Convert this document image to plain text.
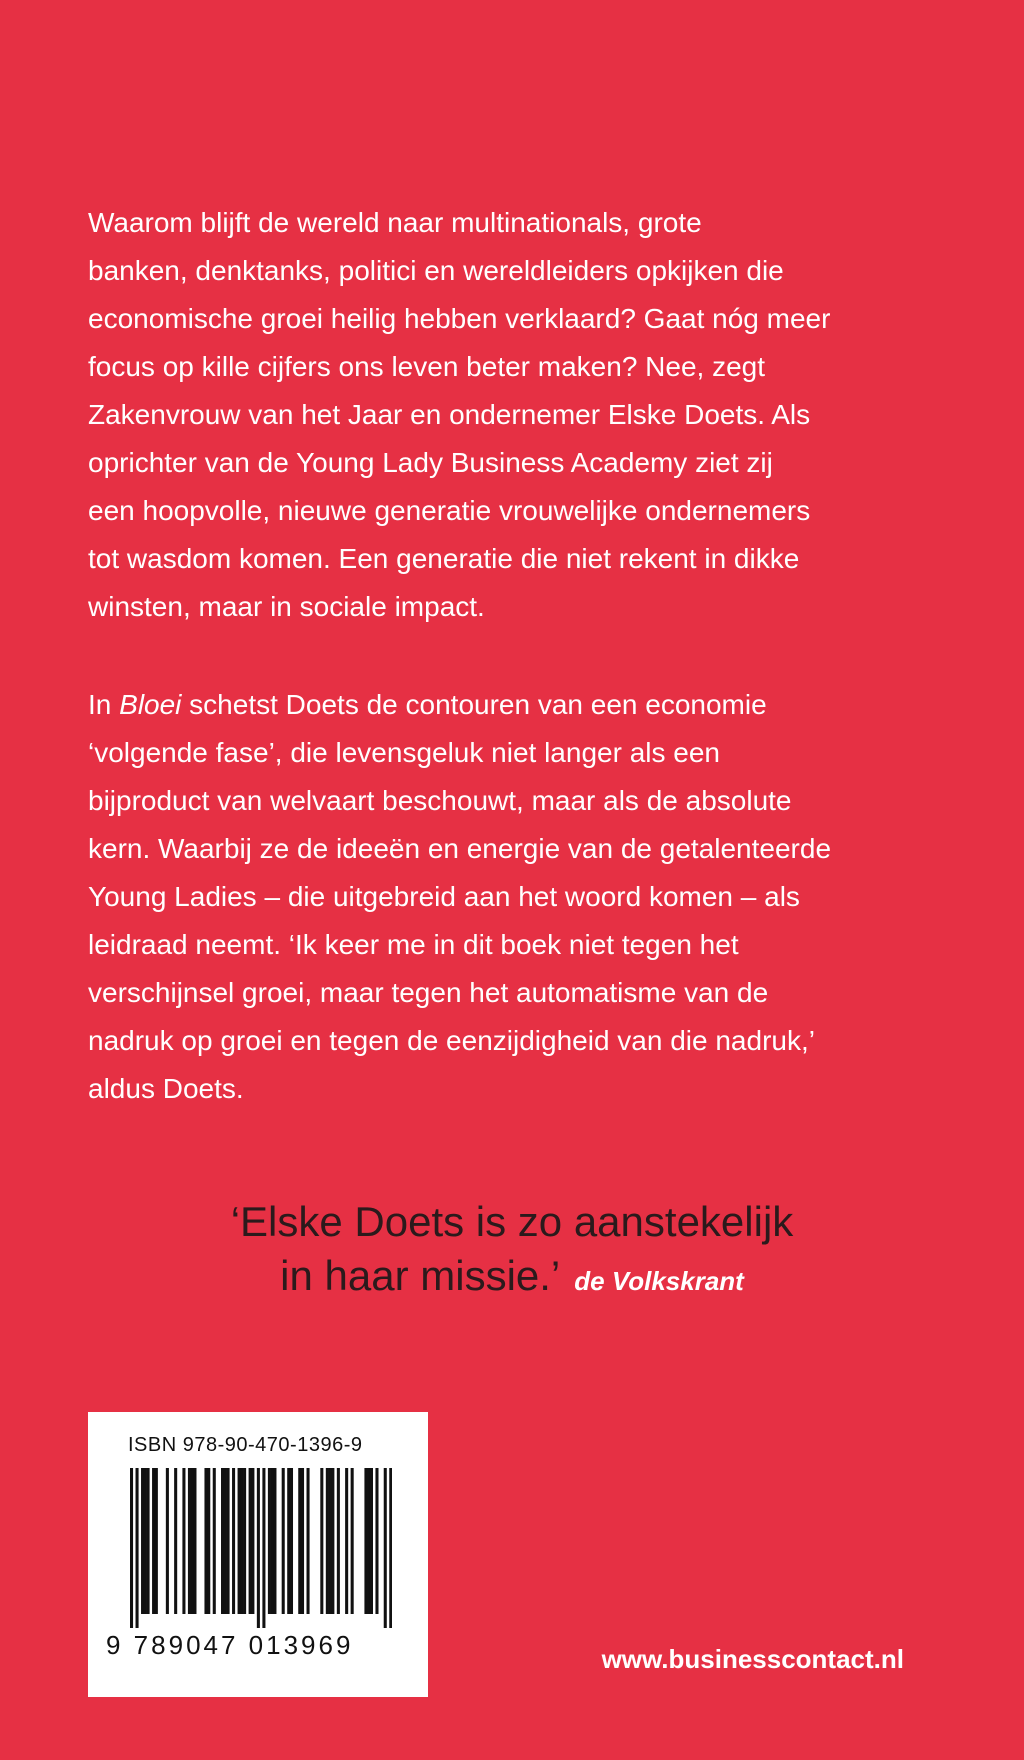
Waarom blijft de wereld naar multinationals, grote
banken, denktanks, politici en wereldleiders opkijken die
economische groei heilig hebben verklaard? Gaat nóg meer
focus op kille cijfers ons leven beter maken? Nee, zegt
Zakenvrouw van het Jaar en ondernemer Elske Doets. Als
oprichter van de Young Lady Business Academy ziet zij
een hoopvolle, nieuwe generatie vrouwelijke ondernemers
tot wasdom komen. Een generatie die niet rekent in dikke
winsten, maar in sociale impact.
In Bloei schetst Doets de contouren van een economie
‘volgende fase’, die levensgeluk niet langer als een
bijproduct van welvaart beschouwt, maar als de absolute
kern. Waarbij ze de ideeën en energie van de getalenteerde
Young Ladies – die uitgebreid aan het woord komen – als
leidraad neemt. ‘Ik keer me in dit boek niet tegen het
verschijnsel groei, maar tegen het automatisme van de
nadruk op groei en tegen de eenzijdigheid van die nadruk,’
aldus Doets.
‘Elske Doets is zo aanstekelijk
in haar missie.’ de Volkskrant
ISBN 978-90-470-1396-9
9 789047 013969	www.businesscontact.nl
